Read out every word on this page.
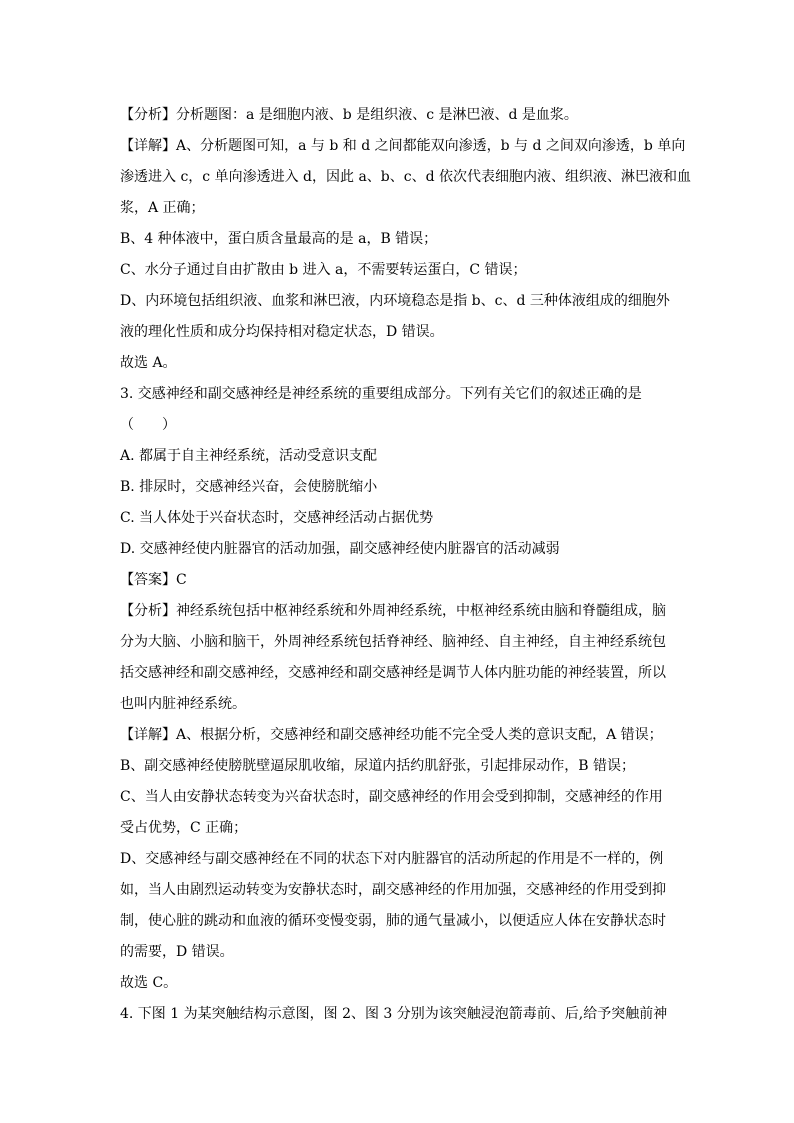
【分析】分析题图：a 是细胞内液、b 是组织液、c 是淋巴液、d 是血浆。

【详解】A、分析题图可知，a 与 b 和 d 之间都能双向渗透，b 与 d 之间双向渗透，b 单向

渗透进入 c，c 单向渗透进入 d，因此 a、b、c、d 依次代表细胞内液、组织液、淋巴液和血

浆，A 正确；

B、4 种体液中，蛋白质含量最高的是 a，B 错误；

C、水分子通过自由扩散由 b 进入 a，不需要转运蛋白，C 错误；

D、内环境包括组织液、血浆和淋巴液，内环境稳态是指 b、c、d 三种体液组成的细胞外

液的理化性质和成分均保持相对稳定状态，D 错误。

故选 A。

3. 交感神经和副交感神经是神经系统的重要组成部分。下列有关它们的叙述正确的是

（　　）

A. 都属于自主神经系统，活动受意识支配

B. 排尿时，交感神经兴奋，会使膀胱缩小

C. 当人体处于兴奋状态时，交感神经活动占据优势

D. 交感神经使内脏器官的活动加强，副交感神经使内脏器官的活动减弱

【答案】C

【分析】神经系统包括中枢神经系统和外周神经系统，中枢神经系统由脑和脊髓组成，脑

分为大脑、小脑和脑干，外周神经系统包括脊神经、脑神经、自主神经，自主神经系统包

括交感神经和副交感神经，交感神经和副交感神经是调节人体内脏功能的神经装置，所以

也叫内脏神经系统。

【详解】A、根据分析，交感神经和副交感神经功能不完全受人类的意识支配，A 错误；

B、副交感神经使膀胱壁逼尿肌收缩，尿道内括约肌舒张，引起排尿动作，B 错误；

C、当人由安静状态转变为兴奋状态时，副交感神经的作用会受到抑制，交感神经的作用

受占优势，C 正确；

D、交感神经与副交感神经在不同的状态下对内脏器官的活动所起的作用是不一样的，例

如，当人由剧烈运动转变为安静状态时，副交感神经的作用加强，交感神经的作用受到抑

制，使心脏的跳动和血液的循环变慢变弱，肺的通气量减小，以便适应人体在安静状态时

的需要，D 错误。

故选 C。

4. 下图 1 为某突触结构示意图，图 2、图 3 分别为该突触浸泡箭毒前、后,给予突触前神
